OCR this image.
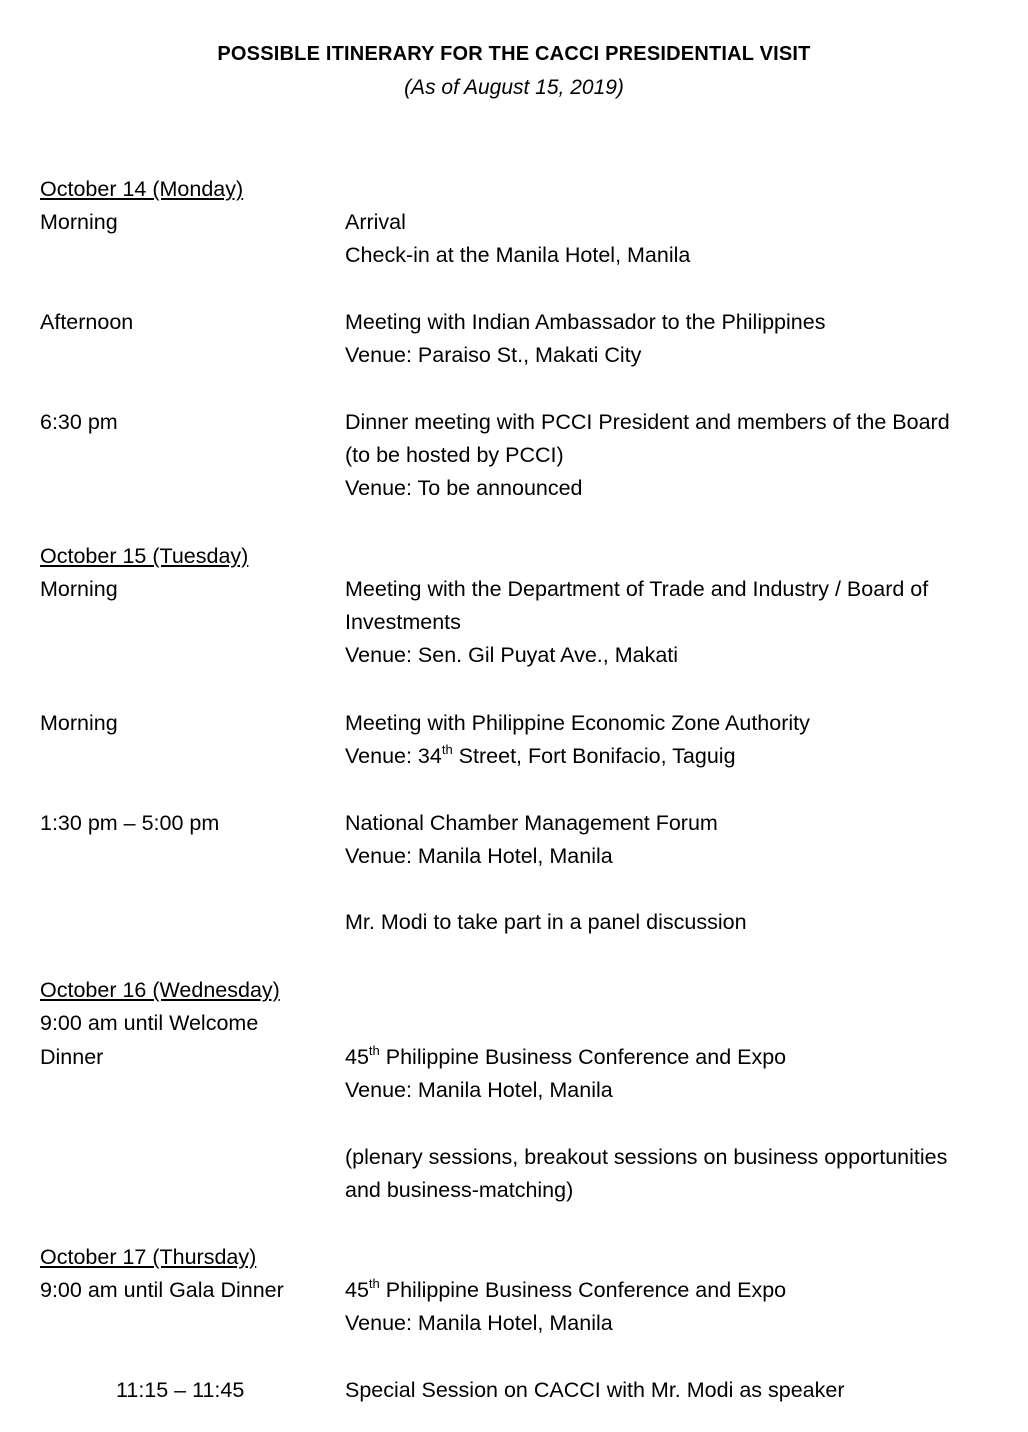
POSSIBLE ITINERARY FOR THE CACCI PRESIDENTIAL VISIT
(As of August 15, 2019)
October 14 (Monday)
Morning	Arrival
Check-in at the Manila Hotel, Manila
Afternoon	Meeting with Indian Ambassador to the Philippines
Venue: Paraiso St., Makati City
6:30 pm	Dinner meeting with PCCI President and members of the Board
(to be hosted by PCCI)
Venue: To be announced
October 15 (Tuesday)
Morning	Meeting with the Department of Trade and Industry / Board of
Investments
Venue: Sen. Gil Puyat Ave., Makati
Morning	Meeting with Philippine Economic Zone Authority
Venue: 34th Street, Fort Bonifacio, Taguig
1:30 pm – 5:00 pm	National Chamber Management Forum
Venue: Manila Hotel, Manila
Mr. Modi to take part in a panel discussion
October 16 (Wednesday)
9:00 am until Welcome
Dinner	45th Philippine Business Conference and Expo
Venue: Manila Hotel, Manila
(plenary sessions, breakout sessions on business opportunities
and business-matching)
October 17 (Thursday)
9:00 am until Gala Dinner	45th Philippine Business Conference and Expo
Venue: Manila Hotel, Manila
11:15 – 11:45	Special Session on CACCI with Mr. Modi as speaker
